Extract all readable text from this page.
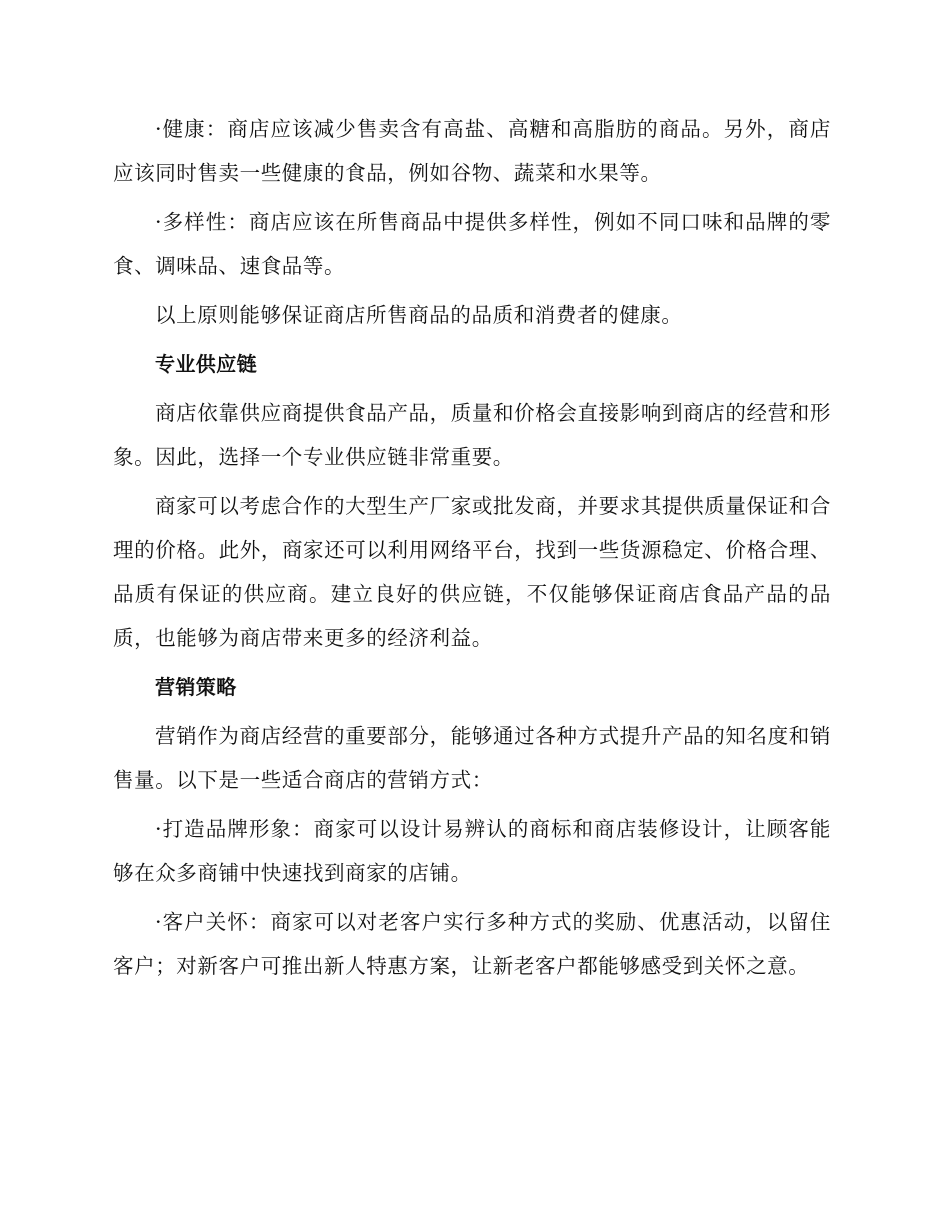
·健康：商店应该减少售卖含有高盐、高糖和高脂肪的商品。另外，商店应该同时售卖一些健康的食品，例如谷物、蔬菜和水果等。

·多样性：商店应该在所售商品中提供多样性，例如不同口味和品牌的零食、调味品、速食品等。

以上原则能够保证商店所售商品的品质和消费者的健康。

专业供应链

商店依靠供应商提供食品产品，质量和价格会直接影响到商店的经营和形象。因此，选择一个专业供应链非常重要。

商家可以考虑合作的大型生产厂家或批发商，并要求其提供质量保证和合理的价格。此外，商家还可以利用网络平台，找到一些货源稳定、价格合理、品质有保证的供应商。建立良好的供应链，不仅能够保证商店食品产品的品质，也能够为商店带来更多的经济利益。

营销策略

营销作为商店经营的重要部分，能够通过各种方式提升产品的知名度和销售量。以下是一些适合商店的营销方式：

·打造品牌形象：商家可以设计易辨认的商标和商店装修设计，让顾客能够在众多商铺中快速找到商家的店铺。

·客户关怀：商家可以对老客户实行多种方式的奖励、优惠活动，以留住客户；对新客户可推出新人特惠方案，让新老客户都能够感受到关怀之意。
